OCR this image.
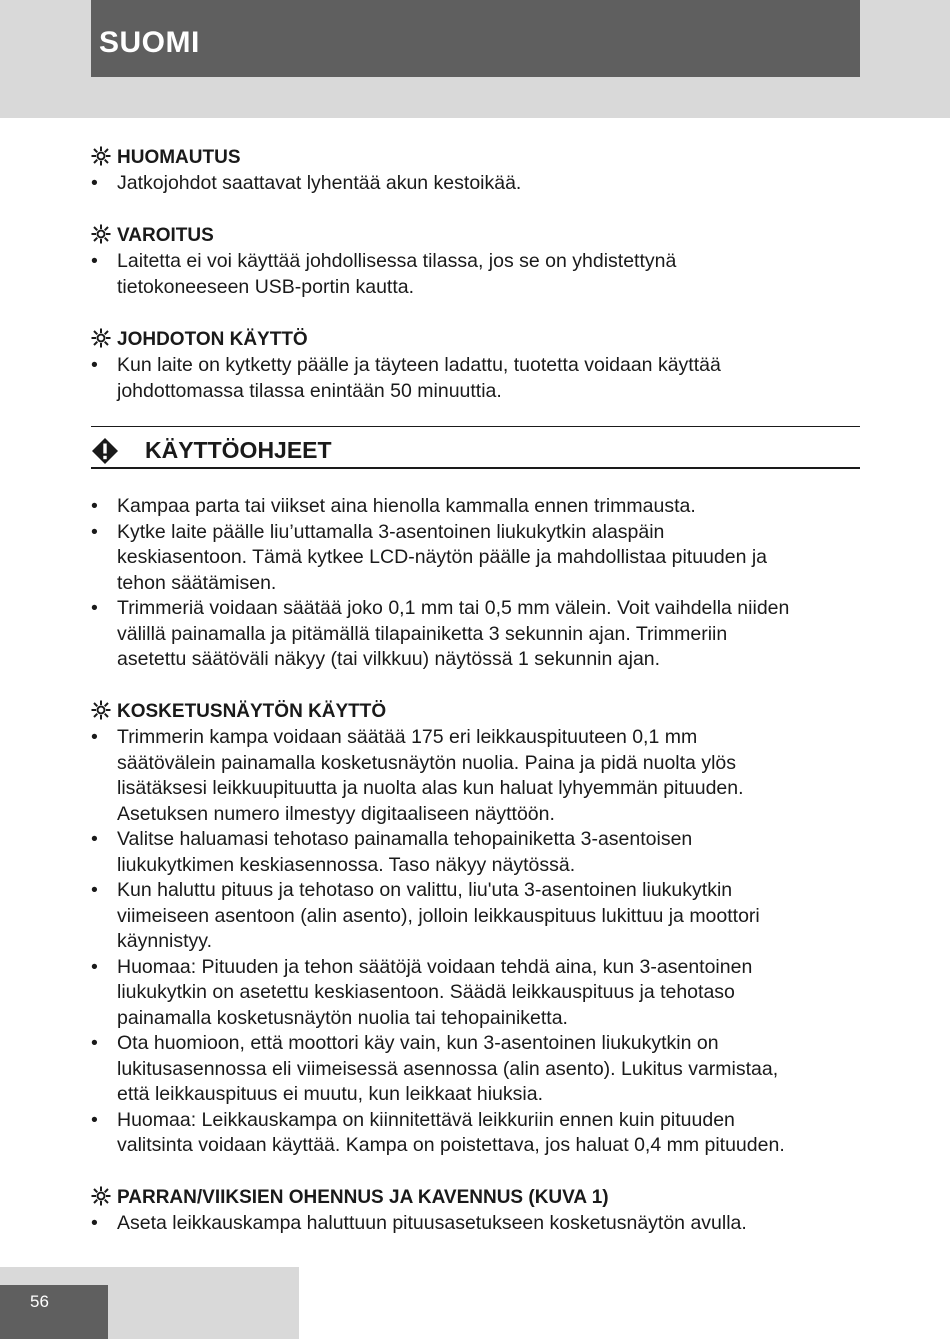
SUOMI
HUOMAUTUS
• Jatkojohdot saattavat lyhentää akun kestoikää.
VAROITUS
• Laitetta ei voi käyttää johdollisessa tilassa, jos se on yhdistettynä
tietokoneeseen USB-portin kautta.
JOHDOTON KÄYTTÖ
• Kun laite on kytketty päälle ja täyteen ladattu, tuotetta voidaan käyttää
johdottomassa tilassa enintään 50 minuuttia.
KÄYTTÖOHJEET
• Kampaa parta tai viikset aina hienolla kammalla ennen trimmausta.
• Kytke laite päälle liu’uttamalla 3-asentoinen liukukytkin alaspäin
keskiasentoon. Tämä kytkee LCD-näytön päälle ja mahdollistaa pituuden ja
tehon säätämisen.
• Trimmeriä voidaan säätää joko 0,1 mm tai 0,5 mm välein. Voit vaihdella niiden
välillä painamalla ja pitämällä tilapainiketta 3 sekunnin ajan. Trimmeriin
asetettu säätöväli näkyy (tai vilkkuu) näytössä 1 sekunnin ajan.
KOSKETUSNÄYTÖN KÄYTTÖ
• Trimmerin kampa voidaan säätää 175 eri leikkauspituuteen 0,1 mm
säätövälein painamalla kosketusnäytön nuolia. Paina ja pidä nuolta ylös
lisätäksesi leikkuupituutta ja nuolta alas kun haluat lyhyemmän pituuden.
Asetuksen numero ilmestyy digitaaliseen näyttöön.
• Valitse haluamasi tehotaso painamalla tehopainiketta 3-asentoisen
liukukytkimen keskiasennossa. Taso näkyy näytössä.
• Kun haluttu pituus ja tehotaso on valittu, liu'uta 3-asentoinen liukukytkin
viimeiseen asentoon (alin asento), jolloin leikkauspituus lukittuu ja moottori
käynnistyy.
• Huomaa: Pituuden ja tehon säätöjä voidaan tehdä aina, kun 3-asentoinen
liukukytkin on asetettu keskiasentoon. Säädä leikkauspituus ja tehotaso
painamalla kosketusnäytön nuolia tai tehopainiketta.
• Ota huomioon, että moottori käy vain, kun 3-asentoinen liukukytkin on
lukitusasennossa eli viimeisessä asennossa (alin asento). Lukitus varmistaa,
että leikkauspituus ei muutu, kun leikkaat hiuksia.
• Huomaa: Leikkauskampa on kiinnitettävä leikkuriin ennen kuin pituuden
valitsinta voidaan käyttää. Kampa on poistettava, jos haluat 0,4 mm pituuden.
PARRAN/VIIKSIEN OHENNUS JA KAVENNUS (KUVA 1)
• Aseta leikkauskampa haluttuun pituusasetukseen kosketusnäytön avulla.
56
